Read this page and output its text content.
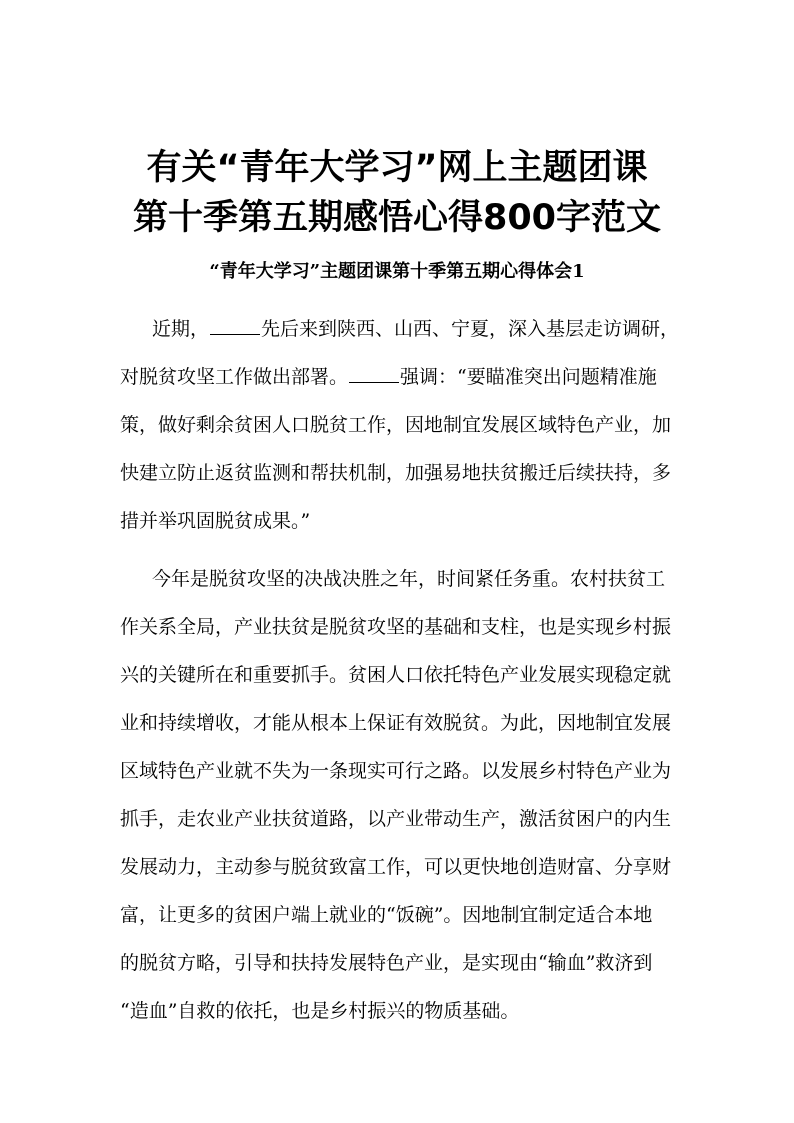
有关“青年大学习”网上主题团课
第十季第五期感悟心得800字范文
“青年大学习”主题团课第十季第五期心得体会1
近期，	先后来到陕西、山西、宁夏，深入基层走访调研，
对脱贫攻坚工作做出部署。	强调：“要瞄准突出问题精准施
策，做好剩余贫困人口脱贫工作，因地制宜发展区域特色产业，加
快建立防止返贫监测和帮扶机制，加强易地扶贫搬迁后续扶持，多
措并举巩固脱贫成果。”
今年是脱贫攻坚的决战决胜之年，时间紧任务重。农村扶贫工
作关系全局，产业扶贫是脱贫攻坚的基础和支柱，也是实现乡村振
兴的关键所在和重要抓手。贫困人口依托特色产业发展实现稳定就
业和持续增收，才能从根本上保证有效脱贫。为此，因地制宜发展
区域特色产业就不失为一条现实可行之路。以发展乡村特色产业为
抓手，走农业产业扶贫道路，以产业带动生产，激活贫困户的内生
发展动力，主动参与脱贫致富工作，可以更快地创造财富、分享财
富，让更多的贫困户端上就业的“饭碗”。因地制宜制定适合本地
的脱贫方略，引导和扶持发展特色产业，是实现由“输血”救济到
“造血”自救的依托，也是乡村振兴的物质基础。
